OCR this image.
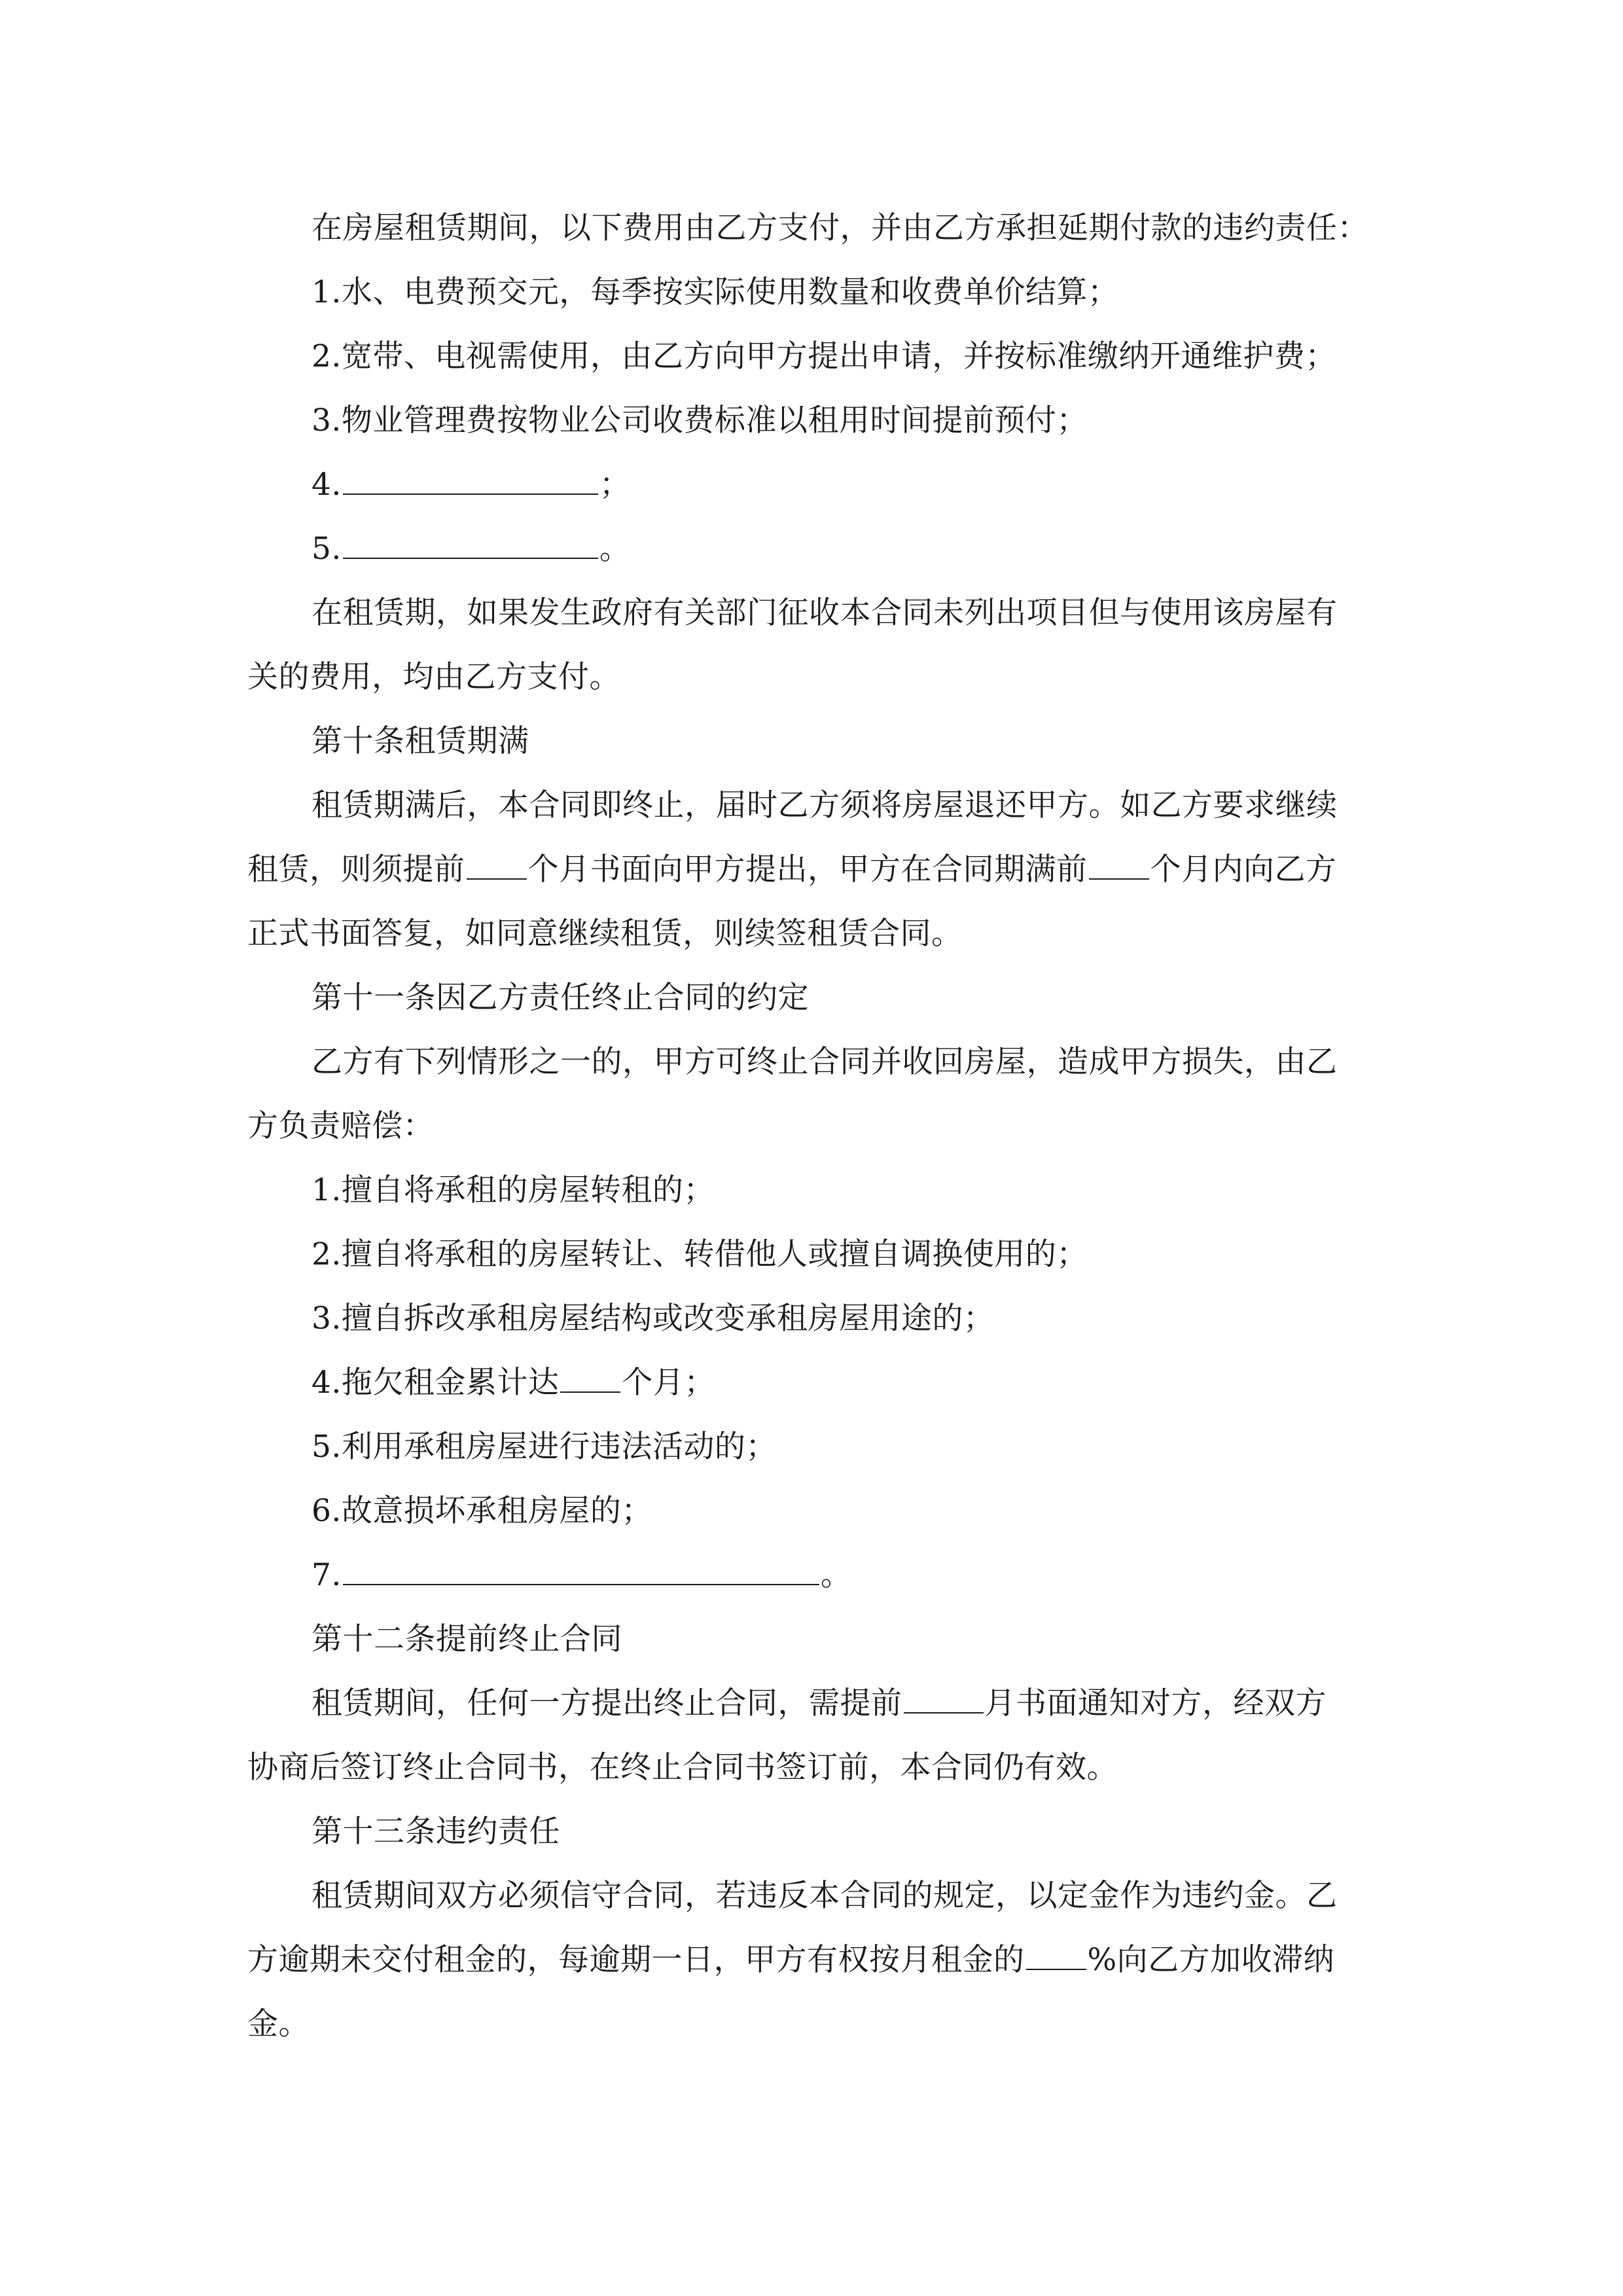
在房屋租赁期间，以下费用由乙方支付，并由乙方承担延期付款的违约责任：

1.水、电费预交元，每季按实际使用数量和收费单价结算；

2.宽带、电视需使用，由乙方向甲方提出申请，并按标准缴纳开通维护费；

3.物业管理费按物业公司收费标准以租用时间提前预付；

4.	；

5.	。

在租赁期，如果发生政府有关部门征收本合同未列出项目但与使用该房屋有

关的费用，均由乙方支付。

第十条租赁期满

租赁期满后，本合同即终止，届时乙方须将房屋退还甲方。如乙方要求继续

租赁，则须提前 个月书面向甲方提出，甲方在合同期满前 个月内向乙方

正式书面答复，如同意继续租赁，则续签租赁合同。

第十一条因乙方责任终止合同的约定

乙方有下列情形之一的，甲方可终止合同并收回房屋，造成甲方损失，由乙

方负责赔偿：

1.擅自将承租的房屋转租的；

2.擅自将承租的房屋转让、转借他人或擅自调换使用的；

3.擅自拆改承租房屋结构或改变承租房屋用途的；

4.拖欠租金累计达 个月；

5.利用承租房屋进行违法活动的；

6.故意损坏承租房屋的；

7.	。

第十二条提前终止合同

租赁期间，任何一方提出终止合同，需提前	月书面通知对方，经双方

协商后签订终止合同书，在终止合同书签订前，本合同仍有效。

第十三条违约责任

租赁期间双方必须信守合同，若违反本合同的规定，以定金作为违约金。乙

方逾期未交付租金的，每逾期一日，甲方有权按月租金的 %向乙方加收滞纳

金。
